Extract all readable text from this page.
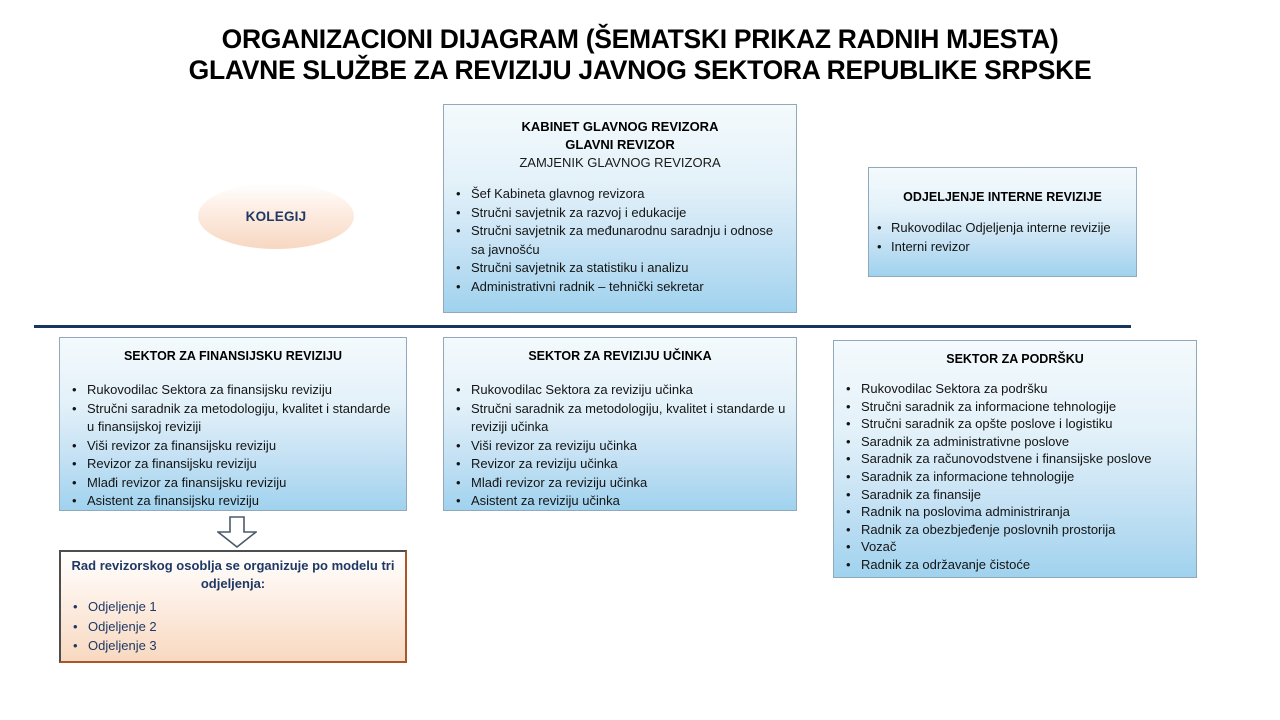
ORGANIZACIONI DIJAGRAM (ŠEMATSKI PRIKAZ RADNIH MJESTA)
GLAVNE SLUŽBE ZA REVIZIJU JAVNOG SEKTORA REPUBLIKE SRPSKE
KOLEGIJ
KABINET GLAVNOG REVIZORA
GLAVNI REVIZOR
ZAMJENIK GLAVNOG REVIZORA
• Šef Kabineta glavnog revizora
• Stručni savjetnik za razvoj i edukacije
• Stručni savjetnik za međunarodnu saradnju i odnose sa javnošću
• Stručni savjetnik za statistiku i analizu
• Administrativni radnik – tehnički sekretar
ODJELJENJE INTERNE REVIZIJE
• Rukovodilac Odjeljenja interne revizije
• Interni revizor
SEKTOR ZA FINANSIJSKU REVIZIJU
• Rukovodilac Sektora za finansijsku reviziju
• Stručni saradnik za metodologiju, kvalitet i standarde u finansijskoj reviziji
• Viši revizor za finansijsku reviziju
• Revizor za finansijsku reviziju
• Mlađi revizor za finansijsku reviziju
• Asistent za finansijsku reviziju
SEKTOR ZA REVIZIJU UČINKA
• Rukovodilac Sektora za reviziju učinka
• Stručni saradnik za metodologiju, kvalitet i standarde u reviziji učinka
• Viši revizor za reviziju učinka
• Revizor za reviziju učinka
• Mlađi revizor za reviziju učinka
• Asistent za reviziju učinka
SEKTOR ZA PODRŠKU
• Rukovodilac Sektora za podršku
• Stručni saradnik za informacione tehnologije
• Stručni saradnik za opšte poslove i logistiku
• Saradnik za administrativne poslove
• Saradnik za računovodstvene i finansijske poslove
• Saradnik za informacione tehnologije
• Saradnik za finansije
• Radnik na poslovima administriranja
• Radnik za obezbjeđenje poslovnih prostorija
• Vozač
• Radnik za održavanje čistoće
Rad revizorskog osoblja se organizuje po modelu tri odjeljenja:
• Odjeljenje 1
• Odjeljenje 2
• Odjeljenje 3
